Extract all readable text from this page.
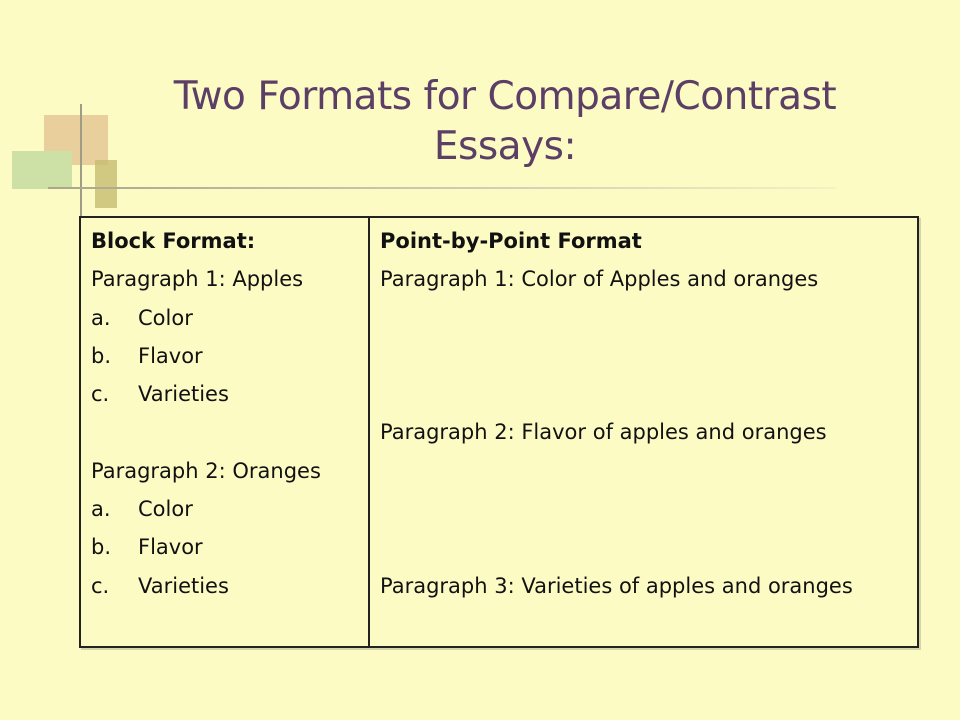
Two Formats for Compare/Contrast
Essays:
Block Format:
Paragraph 1: Apples
a. Color
b. Flavor
c. Varieties
Paragraph 2: Oranges
a. Color
b. Flavor
c. Varieties
Point-by-Point Format
Paragraph 1: Color of Apples and oranges
Paragraph 2: Flavor of apples and oranges
Paragraph 3: Varieties of apples and oranges
